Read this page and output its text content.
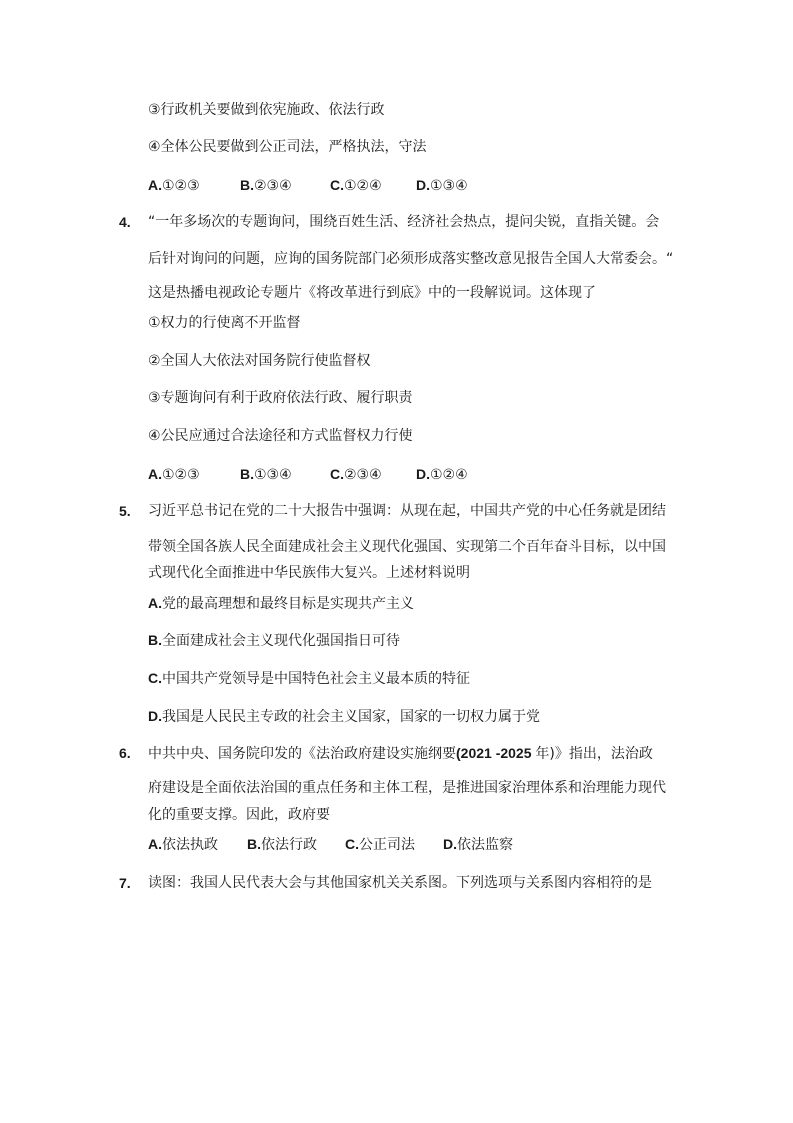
③行政机关要做到依宪施政、依法行政
④全体公民要做到公正司法，严格执法，守法
A.①②③	B.②③④	C.①②④ D.①③④
4. “一年多场次的专题询问，围绕百姓生活、经济社会热点，提问尖锐，直指关键。会
后针对询问的问题，应询的国务院部门必须形成落实整改意见报告全国人大常委会。“
这是热播电视政论专题片《将改革进行到底》中的一段解说词。这体现了
①权力的行使离不开监督
②全国人大依法对国务院行使监督权
③专题询问有利于政府依法行政、履行职责
④公民应通过合法途径和方式监督权力行使
A.①②③	B.①③④	C.②③④ D.①②④
5. 习近平总书记在党的二十大报告中强调：从现在起，中国共产党的中心任务就是团结
带领全国各族人民全面建成社会主义现代化强国、实现第二个百年奋斗目标，以中国
式现代化全面推进中华民族伟大复兴。上述材料说明
A.党的最高理想和最终目标是实现共产主义
B.全面建成社会主义现代化强国指日可待
C.中国共产党领导是中国特色社会主义最本质的特征
D.我国是人民民主专政的社会主义国家，国家的一切权力属于党
6. 中共中央、国务院印发的《法治政府建设实施纲要(2021 -2025 年)》指出，法治政
府建设是全面依法治国的重点任务和主体工程，是推进国家治理体系和治理能力现代
化的重要支撑。因此，政府要
A.依法执政 B.依法行政 C.公正司法 D.依法监察
7. 读图：我国人民代表大会与其他国家机关关系图。下列选项与关系图内容相符的是
